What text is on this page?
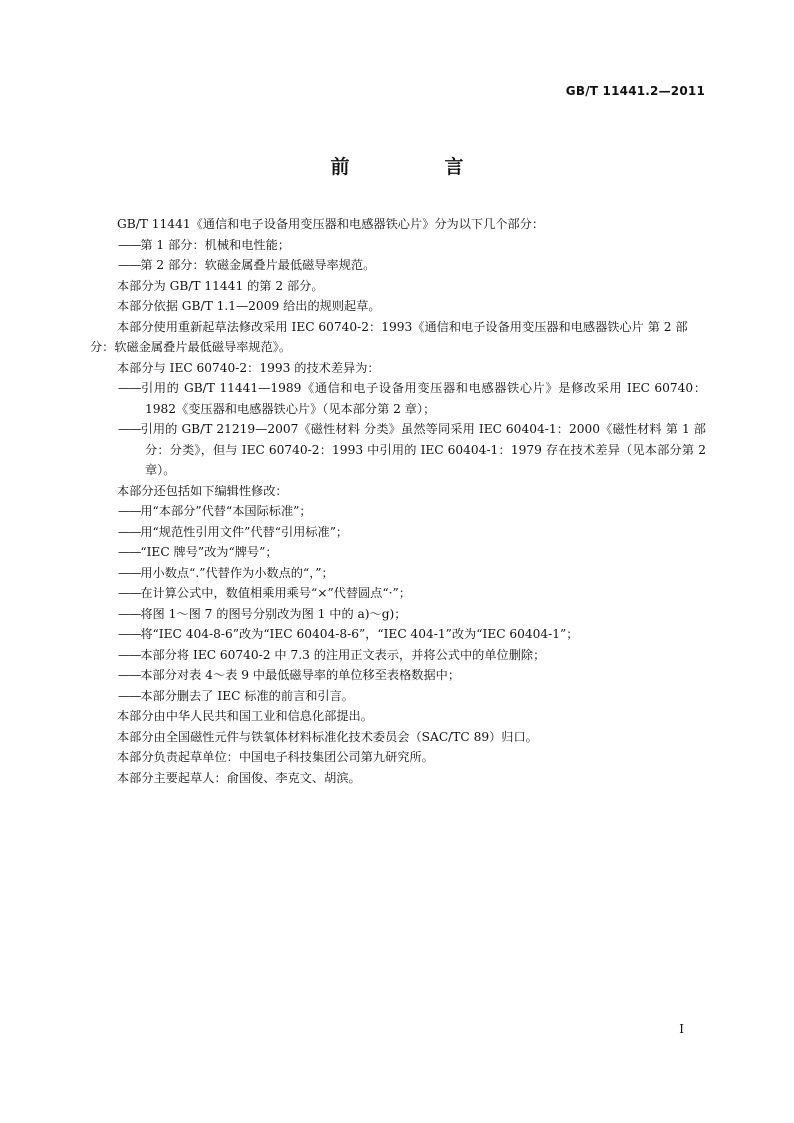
GB/T 11441.2—2011
前　言
GB/T 11441《通信和电子设备用变压器和电感器铁心片》分为以下几个部分：
——第 1 部分：机械和电性能；
——第 2 部分：软磁金属叠片最低磁导率规范。
本部分为 GB/T 11441 的第 2 部分。
本部分依据 GB/T 1.1—2009 给出的规则起草。
本部分使用重新起草法修改采用 IEC 60740-2：1993《通信和电子设备用变压器和电感器铁心片 第 2 部分：软磁金属叠片最低磁导率规范》。
本部分与 IEC 60740-2：1993 的技术差异为：
——引用的 GB/T 11441—1989《通信和电子设备用变压器和电感器铁心片》是修改采用 IEC 60740：1982《变压器和电感器铁心片》（见本部分第 2 章）；
——引用的 GB/T 21219—2007《磁性材料 分类》虽然等同采用 IEC 60404-1：2000《磁性材料 第 1 部分：分类》，但与 IEC 60740-2：1993 中引用的 IEC 60404-1：1979 存在技术差异（见本部分第 2 章）。
本部分还包括如下编辑性修改：
——用“本部分”代替“本国际标准”；
——用“规范性引用文件”代替“引用标准”；
——“IEC 牌号”改为“牌号”；
——用小数点“.”代替作为小数点的“，”；
——在计算公式中，数值相乘用乘号“×”代替圆点“·”；
——将图 1～图 7 的图号分别改为图 1 中的 a)～g)；
——将“IEC 404-8-6”改为“IEC 60404-8-6”，“IEC 404-1”改为“IEC 60404-1”；
——本部分将 IEC 60740-2 中 7.3 的注用正文表示，并将公式中的单位删除；
——本部分对表 4～表 9 中最低磁导率的单位移至表格数据中；
——本部分删去了 IEC 标准的前言和引言。
本部分由中华人民共和国工业和信息化部提出。
本部分由全国磁性元件与铁氧体材料标准化技术委员会（SAC/TC 89）归口。
本部分负责起草单位：中国电子科技集团公司第九研究所。
本部分主要起草人：俞国俊、李克文、胡滨。
I
